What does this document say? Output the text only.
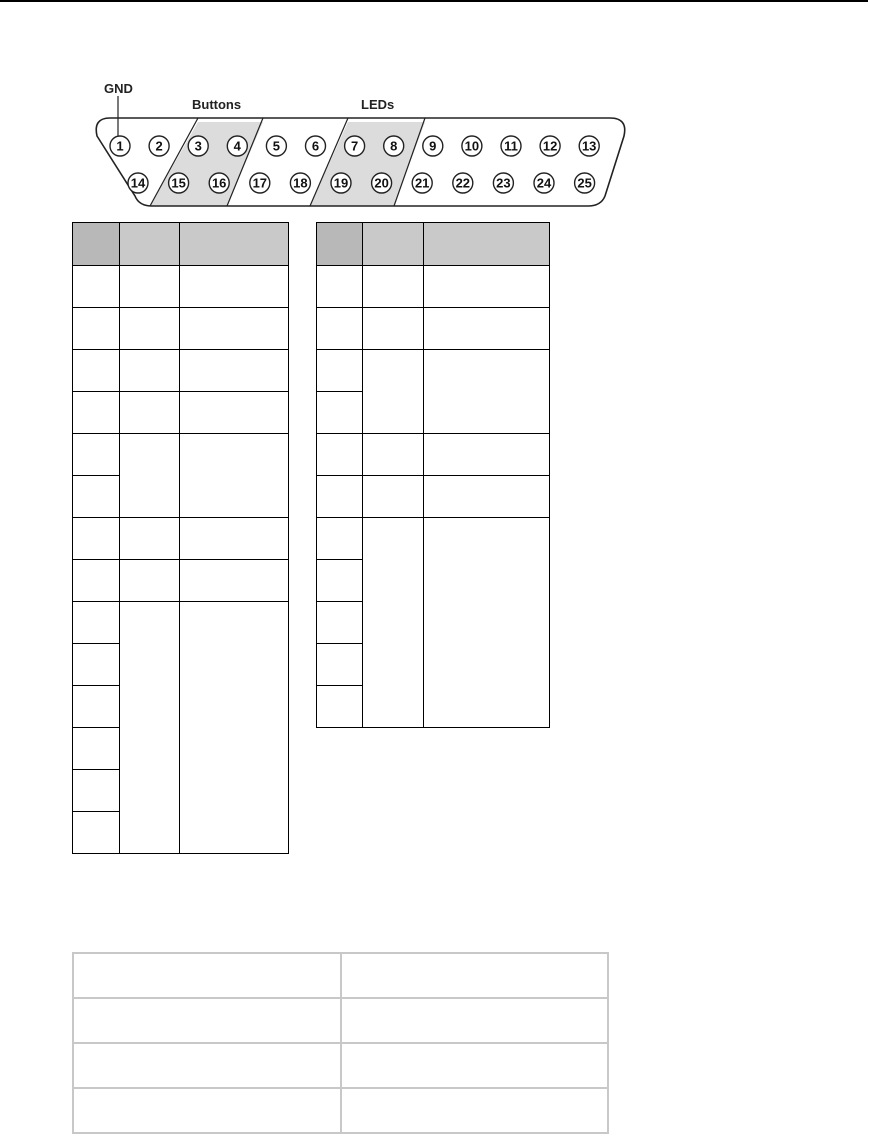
GND
Buttons	LEDs
1 2 3 4 5 6 7 8 9 10 11 12 13
14 15 16 17 18 19 20 21 22 23 24 25
